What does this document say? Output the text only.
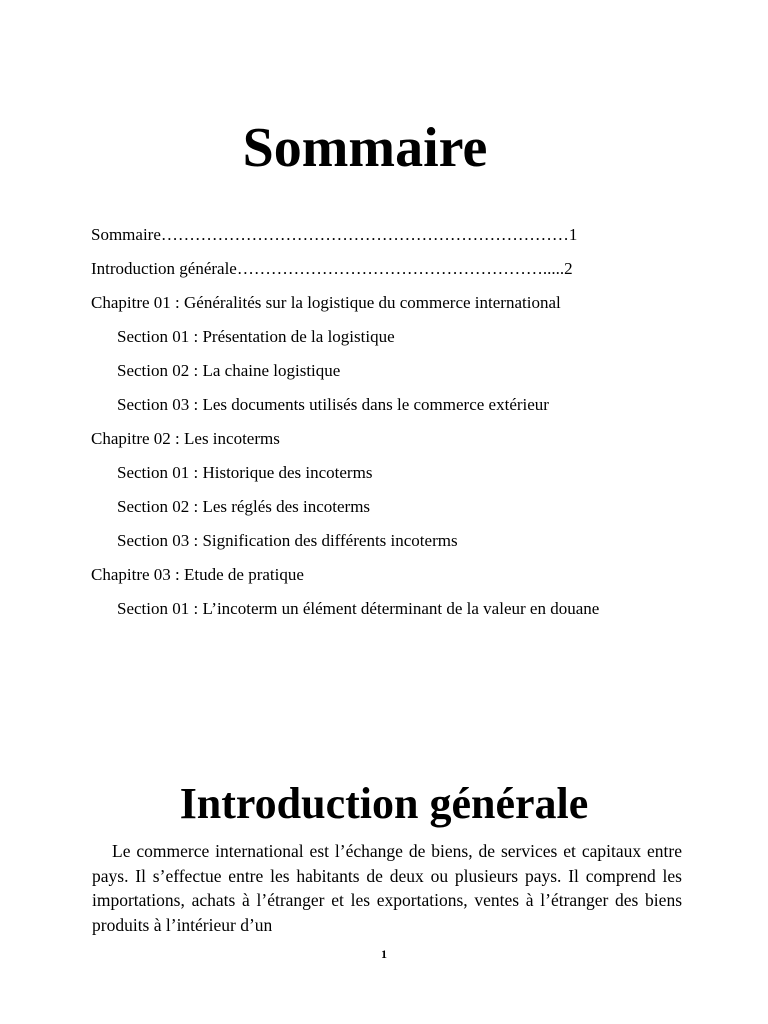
Sommaire
Sommaire………………………………………………………………1
Introduction générale……………………………………………….....2
Chapitre 01 : Généralités sur la logistique du commerce international
Section 01 : Présentation de la logistique
Section 02 : La chaine logistique
Section 03 : Les documents utilisés dans le commerce extérieur
Chapitre 02 : Les incoterms
Section 01 : Historique des incoterms
Section 02 : Les réglés des incoterms
Section 03 : Signification des différents incoterms
Chapitre 03 : Etude de pratique
Section 01 : L’incoterm un élément déterminant de la valeur en douane
Introduction générale

Le commerce international est l’échange de biens, de services et capitaux entre pays. Il s’effectue entre les habitants de deux ou plusieurs pays. Il comprend les importations, achats à l’étranger et les exportations, ventes à l’étranger des biens produits à l’intérieur d’un

1
